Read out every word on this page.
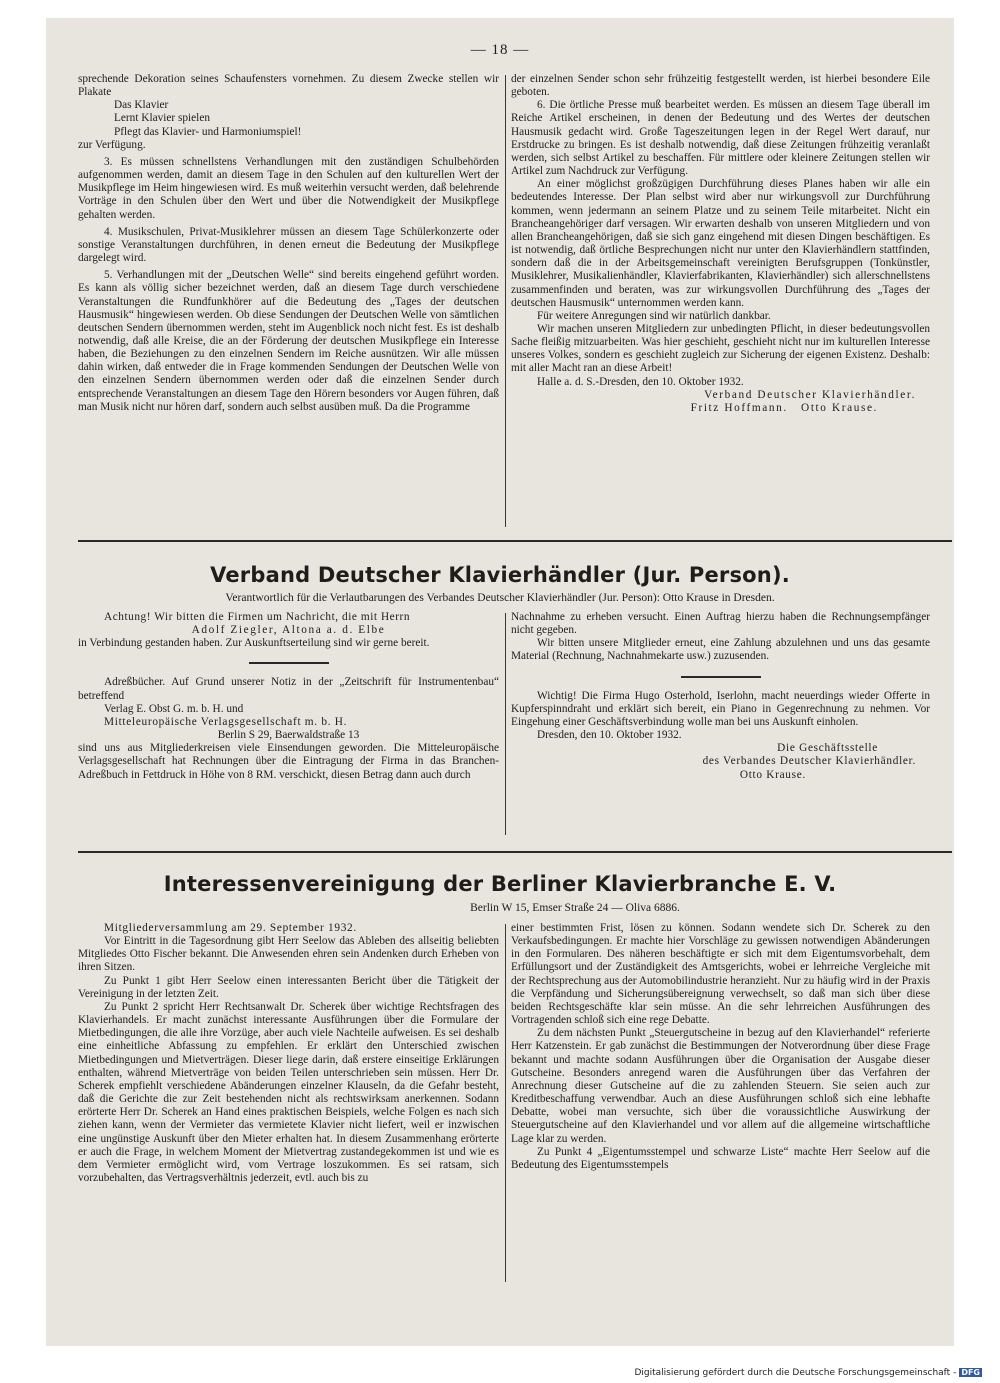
— 18 —

sprechende Dekoration seines Schaufensters vornehmen. Zu diesem Zwecke stellen wir Plakate

Das Klavier

Lernt Klavier spielen

Pflegt das Klavier- und Harmoniumspiel!

zur Verfügung.

3. Es müssen schnellstens Verhandlungen mit den zuständigen Schulbehörden aufgenommen werden, damit an diesem Tage in den Schulen auf den kulturellen Wert der Musikpflege im Heim hingewiesen wird. Es muß weiterhin versucht werden, daß belehrende Vorträge in den Schulen über den Wert und über die Notwendigkeit der Musikpflege gehalten werden.

4. Musikschulen, Privat-Musiklehrer müssen an diesem Tage Schülerkonzerte oder sonstige Veranstaltungen durchführen, in denen erneut die Bedeutung der Musikpflege dargelegt wird.

5. Verhandlungen mit der „Deutschen Welle“ sind bereits eingehend geführt worden. Es kann als völlig sicher bezeichnet werden, daß an diesem Tage durch verschiedene Veranstaltungen die Rundfunkhörer auf die Bedeutung des „Tages der deutschen Hausmusik“ hingewiesen werden. Ob diese Sendungen der Deutschen Welle von sämtlichen deutschen Sendern übernommen werden, steht im Augenblick noch nicht fest. Es ist deshalb notwendig, daß alle Kreise, die an der Förderung der deutschen Musikpflege ein Interesse haben, die Beziehungen zu den einzelnen Sendern im Reiche ausnützen. Wir alle müssen dahin wirken, daß entweder die in Frage kommenden Sendungen der Deutschen Welle von den einzelnen Sendern übernommen werden oder daß die einzelnen Sender durch entsprechende Veranstaltungen an diesem Tage den Hörern besonders vor Augen führen, daß man Musik nicht nur hören darf, sondern auch selbst ausüben muß. Da die Programme

der einzelnen Sender schon sehr frühzeitig festgestellt werden, ist hierbei besondere Eile geboten.

6. Die örtliche Presse muß bearbeitet werden. Es müssen an diesem Tage überall im Reiche Artikel erscheinen, in denen der Bedeutung und des Wertes der deutschen Hausmusik gedacht wird. Große Tageszeitungen legen in der Regel Wert darauf, nur Erstdrucke zu bringen. Es ist deshalb notwendig, daß diese Zeitungen frühzeitig veranlaßt werden, sich selbst Artikel zu beschaffen. Für mittlere oder kleinere Zeitungen stellen wir Artikel zum Nachdruck zur Verfügung.

An einer möglichst großzügigen Durchführung dieses Planes haben wir alle ein bedeutendes Interesse. Der Plan selbst wird aber nur wirkungsvoll zur Durchführung kommen, wenn jedermann an seinem Platze und zu seinem Teile mitarbeitet. Nicht ein Brancheangehöriger darf versagen. Wir erwarten deshalb von unseren Mitgliedern und von allen Brancheangehörigen, daß sie sich ganz eingehend mit diesen Dingen beschäftigen. Es ist notwendig, daß örtliche Besprechungen nicht nur unter den Klavierhändlern stattfinden, sondern daß die in der Arbeitsgemeinschaft vereinigten Berufsgruppen (Tonkünstler, Musiklehrer, Musikalienhändler, Klavierfabrikanten, Klavierhändler) sich allerschnellstens zusammenfinden und beraten, was zur wirkungsvollen Durchführung des „Tages der deutschen Hausmusik“ unternommen werden kann.

Für weitere Anregungen sind wir natürlich dankbar.

Wir machen unseren Mitgliedern zur unbedingten Pflicht, in dieser bedeutungsvollen Sache fleißig mitzuarbeiten. Was hier geschieht, geschieht nicht nur im kulturellen Interesse unseres Volkes, sondern es geschieht zugleich zur Sicherung der eigenen Existenz. Deshalb: mit aller Macht ran an diese Arbeit!

Halle a. d. S.-Dresden, den 10. Oktober 1932.

Verband Deutscher Klavierhändler.

Fritz Hoffmann.   Otto Krause.

Verband Deutscher Klavierhändler (Jur. Person).
Verantwortlich für die Verlautbarungen des Verbandes Deutscher Klavierhändler (Jur. Person): Otto Krause in Dresden.

Achtung! Wir bitten die Firmen um Nachricht, die mit Herrn

Adolf Ziegler, Altona a. d. Elbe

in Verbindung gestanden haben. Zur Auskunftserteilung sind wir gerne bereit.

Adreßbücher. Auf Grund unserer Notiz in der „Zeitschrift für Instrumentenbau“ betreffend

Verlag E. Obst G. m. b. H. und

Mitteleuropäische Verlagsgesellschaft m. b. H.

Berlin S 29, Baerwaldstraße 13

sind uns aus Mitgliederkreisen viele Einsendungen geworden. Die Mitteleuropäische Verlagsgesellschaft hat Rechnungen über die Eintragung der Firma in das Branchen-Adreßbuch in Fettdruck in Höhe von 8 RM. verschickt, diesen Betrag dann auch durch

Nachnahme zu erheben versucht. Einen Auftrag hierzu haben die Rechnungsempfänger nicht gegeben.

Wir bitten unsere Mitglieder erneut, eine Zahlung abzulehnen und uns das gesamte Material (Rechnung, Nachnahmekarte usw.) zuzusenden.

Wichtig! Die Firma Hugo Osterhold, Iserlohn, macht neuerdings wieder Offerte in Kupferspinndraht und erklärt sich bereit, ein Piano in Gegenrechnung zu nehmen. Vor Eingehung einer Geschäftsverbindung wolle man bei uns Auskunft einholen.

Dresden, den 10. Oktober 1932.

Die Geschäftsstelle

des Verbandes Deutscher Klavierhändler.

Otto Krause.

Interessenvereinigung der Berliner Klavierbranche E. V.
Berlin W 15, Emser Straße 24 — Oliva 6886.

Mitgliederversammlung am 29. September 1932.

Vor Eintritt in die Tagesordnung gibt Herr Seelow das Ableben des allseitig beliebten Mitgliedes Otto Fischer bekannt. Die Anwesenden ehren sein Andenken durch Erheben von ihren Sitzen.

Zu Punkt 1 gibt Herr Seelow einen interessanten Bericht über die Tätigkeit der Vereinigung in der letzten Zeit.

Zu Punkt 2 spricht Herr Rechtsanwalt Dr. Scherek über wichtige Rechtsfragen des Klavierhandels. Er macht zunächst interessante Ausführungen über die Formulare der Mietbedingungen, die alle ihre Vorzüge, aber auch viele Nachteile aufweisen. Es sei deshalb eine einheitliche Abfassung zu empfehlen. Er erklärt den Unterschied zwischen Mietbedingungen und Mietverträgen. Dieser liege darin, daß erstere einseitige Erklärungen enthalten, während Mietverträge von beiden Teilen unterschrieben sein müssen. Herr Dr. Scherek empfiehlt verschiedene Abänderungen einzelner Klauseln, da die Gefahr besteht, daß die Gerichte die zur Zeit bestehenden nicht als rechtswirksam anerkennen. Sodann erörterte Herr Dr. Scherek an Hand eines praktischen Beispiels, welche Folgen es nach sich ziehen kann, wenn der Vermieter das vermietete Klavier nicht liefert, weil er inzwischen eine ungünstige Auskunft über den Mieter erhalten hat. In diesem Zusammenhang erörterte er auch die Frage, in welchem Moment der Mietvertrag zustandegekommen ist und wie es dem Vermieter ermöglicht wird, vom Vertrage loszukommen. Es sei ratsam, sich vorzubehalten, das Vertragsverhältnis jederzeit, evtl. auch bis zu

einer bestimmten Frist, lösen zu können. Sodann wendete sich Dr. Scherek zu den Verkaufsbedingungen. Er machte hier Vorschläge zu gewissen notwendigen Abänderungen in den Formularen. Des näheren beschäftigte er sich mit dem Eigentumsvorbehalt, dem Erfüllungsort und der Zuständigkeit des Amtsgerichts, wobei er lehrreiche Vergleiche mit der Rechtsprechung aus der Automobilindustrie heranzieht. Nur zu häufig wird in der Praxis die Verpfändung und Sicherungsübereignung verwechselt, so daß man sich über diese beiden Rechtsgeschäfte klar sein müsse. An die sehr lehrreichen Ausführungen des Vortragenden schloß sich eine rege Debatte.

Zu dem nächsten Punkt „Steuergutscheine in bezug auf den Klavierhandel“ referierte Herr Katzenstein. Er gab zunächst die Bestimmungen der Notverordnung über diese Frage bekannt und machte sodann Ausführungen über die Organisation der Ausgabe dieser Gutscheine. Besonders anregend waren die Ausführungen über das Verfahren der Anrechnung dieser Gutscheine auf die zu zahlenden Steuern. Sie seien auch zur Kreditbeschaffung verwendbar. Auch an diese Ausführungen schloß sich eine lebhafte Debatte, wobei man versuchte, sich über die voraussichtliche Auswirkung der Steuergutscheine auf den Klavierhandel und vor allem auf die allgemeine wirtschaftliche Lage klar zu werden.

Zu Punkt 4 „Eigentumsstempel und schwarze Liste“ machte Herr Seelow auf die Bedeutung des Eigentumsstempels

Digitalisierung gefördert durch die Deutsche Forschungsgemeinschaft - DFG
